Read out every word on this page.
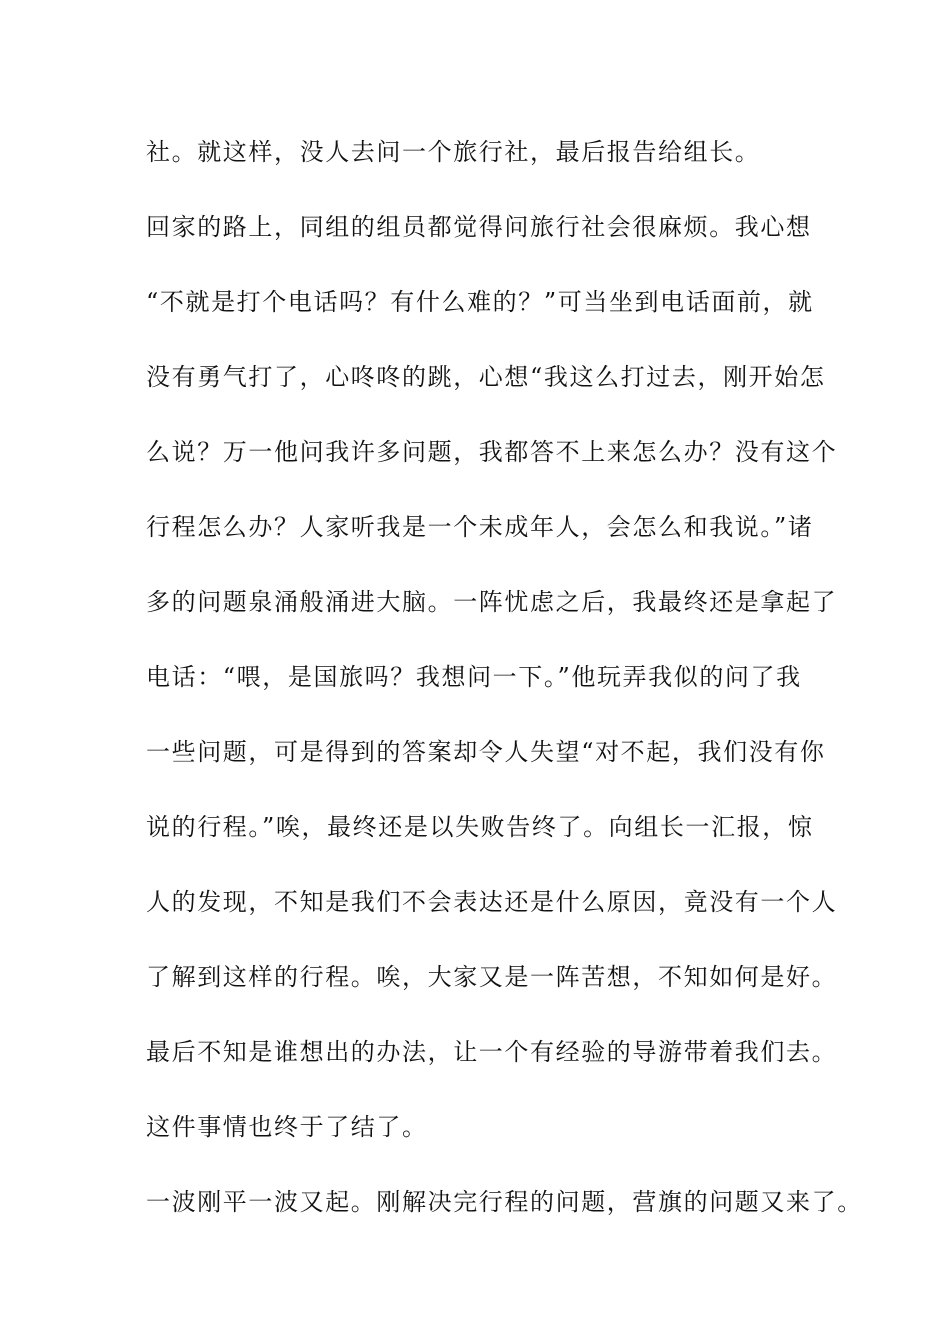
社。就这样，没人去问一个旅行社，最后报告给组长。
回家的路上，同组的组员都觉得问旅行社会很麻烦。我心想
“不就是打个电话吗？有什么难的？”可当坐到电话面前，就
没有勇气打了，心咚咚的跳，心想“我这么打过去，刚开始怎
么说？万一他问我许多问题，我都答不上来怎么办？没有这个
行程怎么办？人家听我是一个未成年人，会怎么和我说。”诸
多的问题泉涌般涌进大脑。一阵忧虑之后，我最终还是拿起了
电话：“喂，是国旅吗？我想问一下。”他玩弄我似的问了我
一些问题，可是得到的答案却令人失望“对不起，我们没有你
说的行程。”唉，最终还是以失败告终了。向组长一汇报，惊
人的发现，不知是我们不会表达还是什么原因，竟没有一个人
了解到这样的行程。唉，大家又是一阵苦想，不知如何是好。
最后不知是谁想出的办法，让一个有经验的导游带着我们去。
这件事情也终于了结了。
一波刚平一波又起。刚解决完行程的问题，营旗的问题又来了。
